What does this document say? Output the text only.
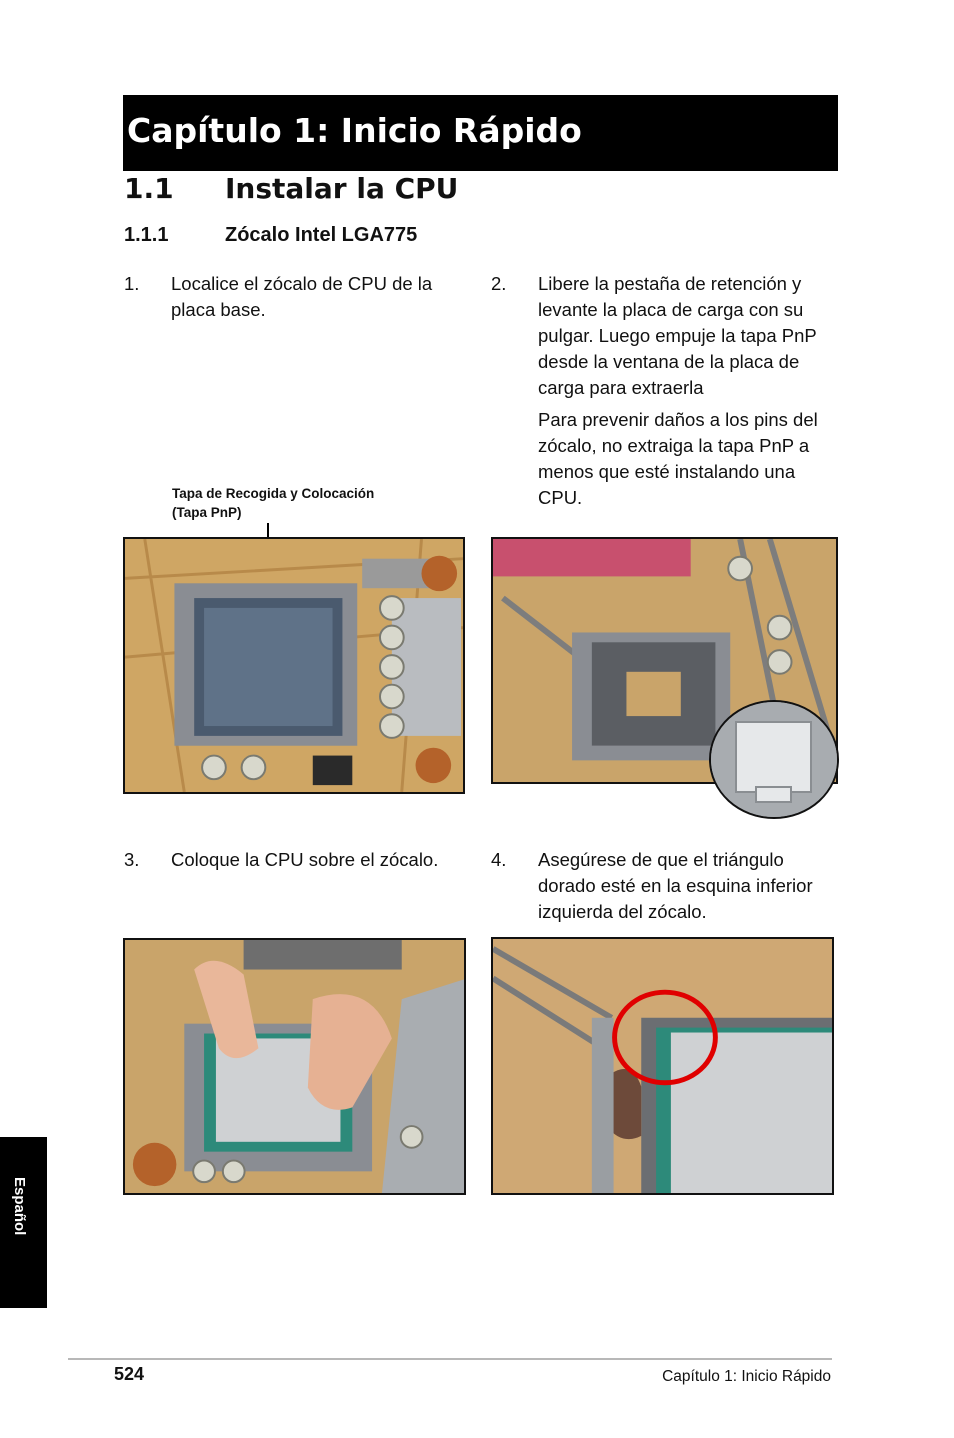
Capítulo 1: Inicio Rápido
1.1 Instalar la CPU
1.1.1	Zócalo Intel LGA775
1. Localice el zócalo de CPU de la placa base.

2. Libere la pestaña de retención y levante la placa de carga con su pulgar. Luego empuje la tapa PnP desde la ventana de la placa de carga para extraerla

Para prevenir daños a los pins del zócalo, no extraiga la tapa PnP a menos que esté instalando una CPU.

Tapa de Recogida y Colocación
(Tapa PnP)
3. Coloque la CPU sobre el zócalo.	4. Asegúrese de que el triángulo dorado esté en la esquina inferior izquierda del zócalo.

Español
524	Capítulo 1: Inicio Rápido
